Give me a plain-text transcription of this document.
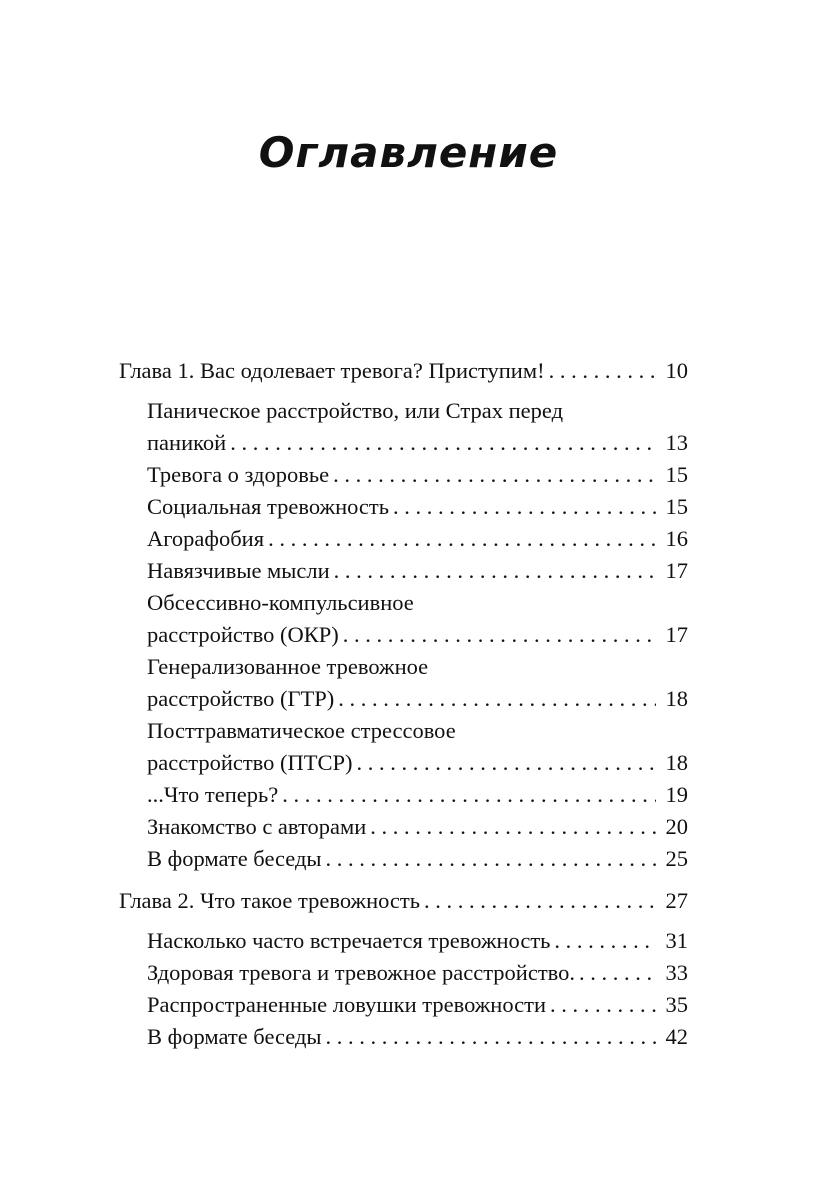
Оглавление
Глава 1. Вас одолевает тревога? Приступим! . . .	10
Паническое расстройство, или Страх перед
паникой . . .	13
Тревога о здоровье . . .	15
Социальная тревожность . . .	15
Агорафобия . . .	16
Навязчивые мысли . . .	17
Обсессивно-компульсивное
расстройство (ОКР) . . .	17
Генерализованное тревожное
расстройство (ГТР) . . .	18
Посттравматическое стрессовое
расстройство (ПТСР) . . .	18
...Что теперь? . . .	19
Знакомство с авторами . . .	20
В формате беседы . . .	25
Глава 2. Что такое тревожность . . .	27
Насколько часто встречается тревожность . . .	31
Здоровая тревога и тревожное расстройство. . . .	33
Распространенные ловушки тревожности . . .	35
В формате беседы . . .	42
